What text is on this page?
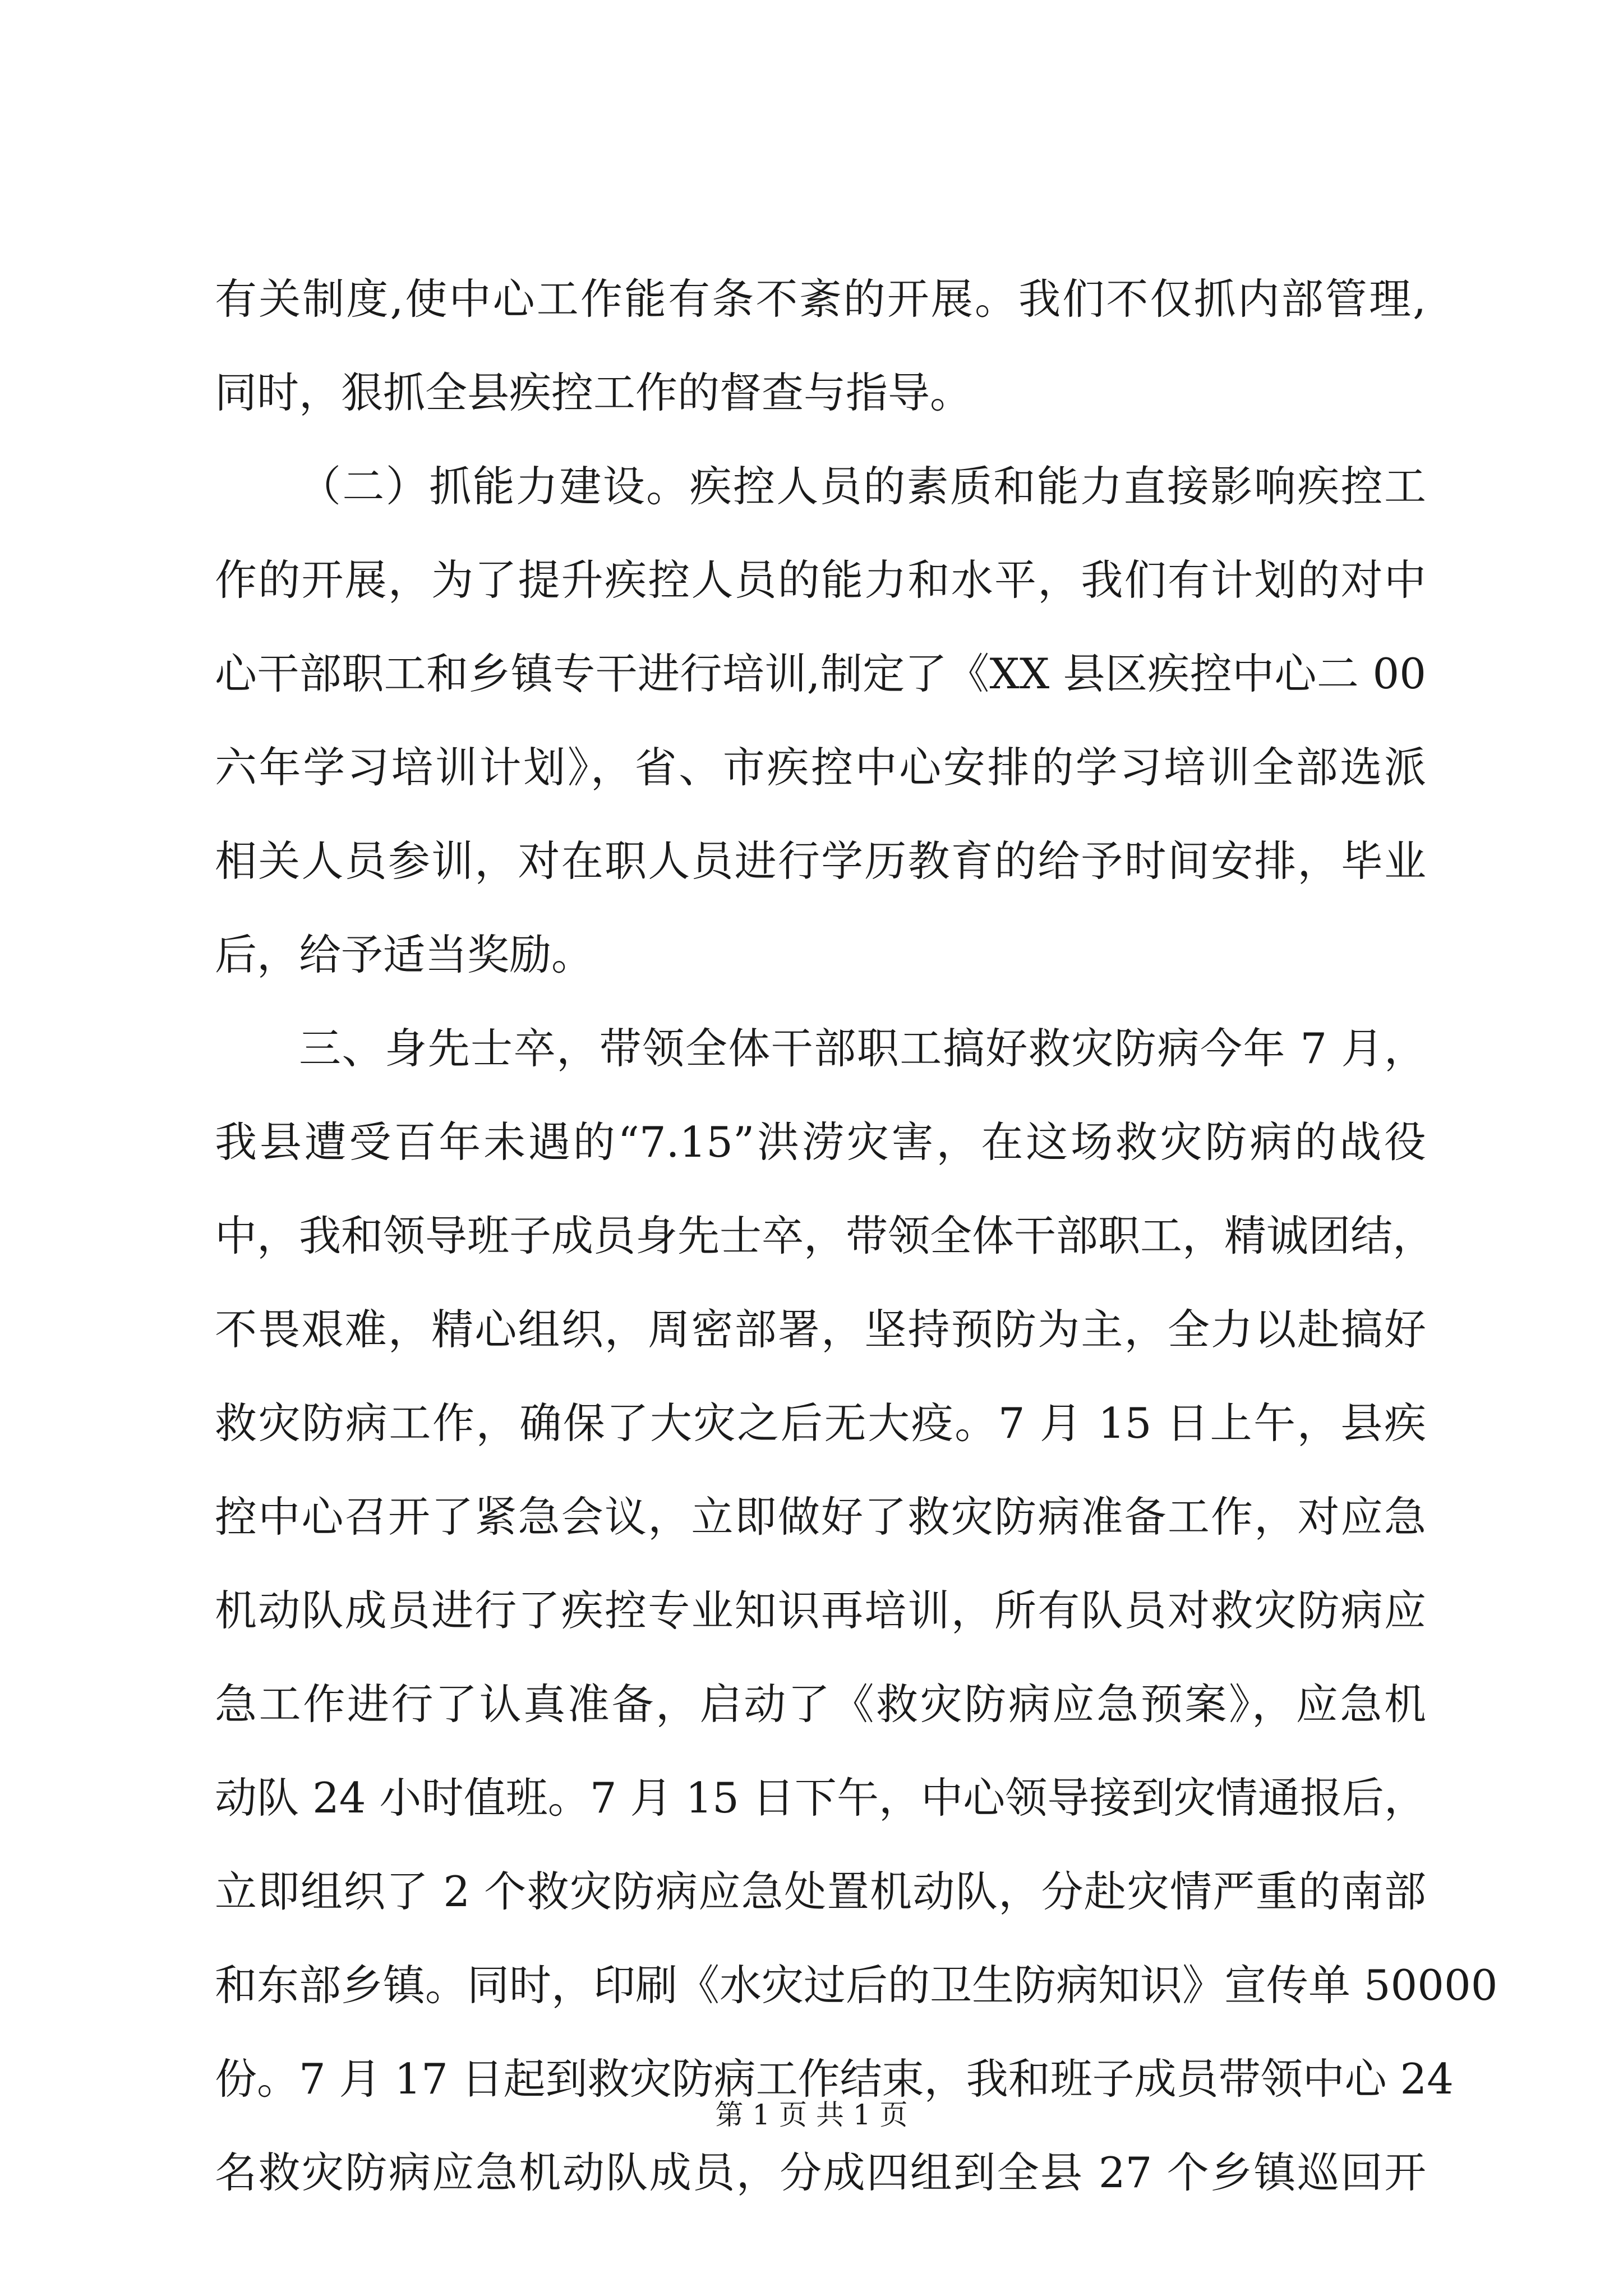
有关制度,使中心工作能有条不紊的开展。我们不仅抓内部管理,
同时，狠抓全县疾控工作的督查与指导。
（二）抓能力建设。疾控人员的素质和能力直接影响疾控工
作的开展，为了提升疾控人员的能力和水平，我们有计划的对中
心干部职工和乡镇专干进行培训,制定了《XX 县区疾控中心二 00
六年学习培训计划》，省、市疾控中心安排的学习培训全部选派
相关人员参训，对在职人员进行学历教育的给予时间安排，毕业
后，给予适当奖励。
三、身先士卒，带领全体干部职工搞好救灾防病今年 7 月，
我县遭受百年未遇的“7.15”洪涝灾害，在这场救灾防病的战役
中，我和领导班子成员身先士卒，带领全体干部职工，精诚团结，
不畏艰难，精心组织，周密部署，坚持预防为主，全力以赴搞好
救灾防病工作，确保了大灾之后无大疫。7 月 15 日上午，县疾
控中心召开了紧急会议，立即做好了救灾防病准备工作，对应急
机动队成员进行了疾控专业知识再培训，所有队员对救灾防病应
急工作进行了认真准备，启动了《救灾防病应急预案》，应急机
动队 24 小时值班。7 月 15 日下午，中心领导接到灾情通报后，
立即组织了 2 个救灾防病应急处置机动队，分赴灾情严重的南部
和东部乡镇。同时，印刷《水灾过后的卫生防病知识》宣传单 50000
份。7 月 17 日起到救灾防病工作结束，我和班子成员带领中心 24
名救灾防病应急机动队成员，分成四组到全县 27 个乡镇巡回开
第 1 页 共 1 页
